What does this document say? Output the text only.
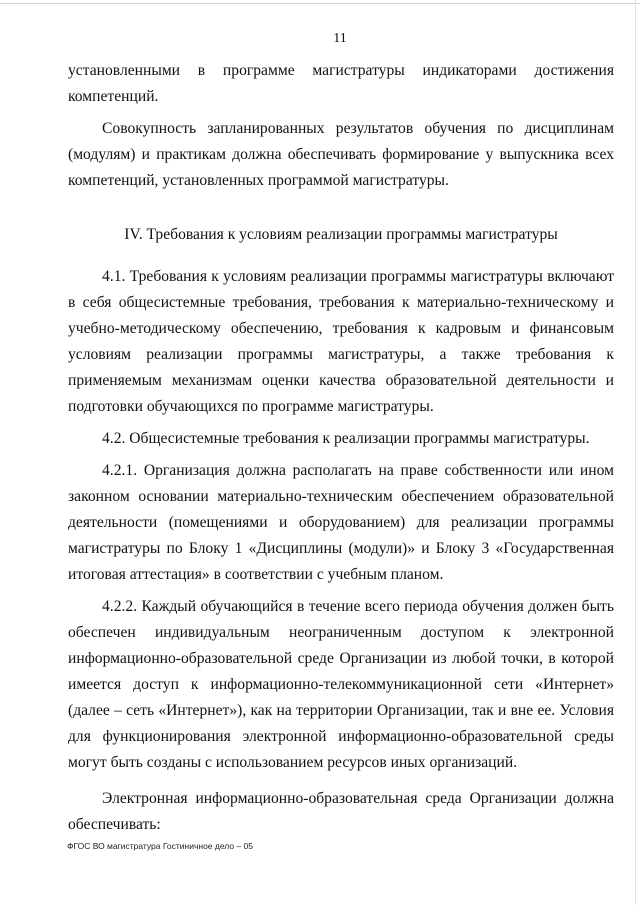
11

установленными в программе магистратуры индикаторами достижения компетенций.

Совокупность запланированных результатов обучения по дисциплинам (модулям) и практикам должна обеспечивать формирование у выпускника всех компетенций, установленных программой магистратуры.

IV. Требования к условиям реализации программы магистратуры

4.1. Требования к условиям реализации программы магистратуры включают в себя общесистемные требования, требования к материально-техническому и учебно-методическому обеспечению, требования к кадровым и финансовым условиям реализации программы магистратуры, а также требования к применяемым механизмам оценки качества образовательной деятельности и подготовки обучающихся по программе магистратуры.

4.2. Общесистемные требования к реализации программы магистратуры.

4.2.1. Организация должна располагать на праве собственности или ином законном основании материально-техническим обеспечением образовательной деятельности (помещениями и оборудованием) для реализации программы магистратуры по Блоку 1 «Дисциплины (модули)» и Блоку 3 «Государственная итоговая аттестация» в соответствии с учебным планом.

4.2.2. Каждый обучающийся в течение всего периода обучения должен быть обеспечен индивидуальным неограниченным доступом к электронной информационно-образовательной среде Организации из любой точки, в которой имеется доступ к информационно-телекоммуникационной сети «Интернет» (далее – сеть «Интернет»), как на территории Организации, так и вне ее. Условия для функционирования электронной информационно-образовательной среды могут быть созданы с использованием ресурсов иных организаций.

Электронная информационно-образовательная среда Организации должна обеспечивать:

ФГОС ВО магистратура Гостиничное дело – 05
